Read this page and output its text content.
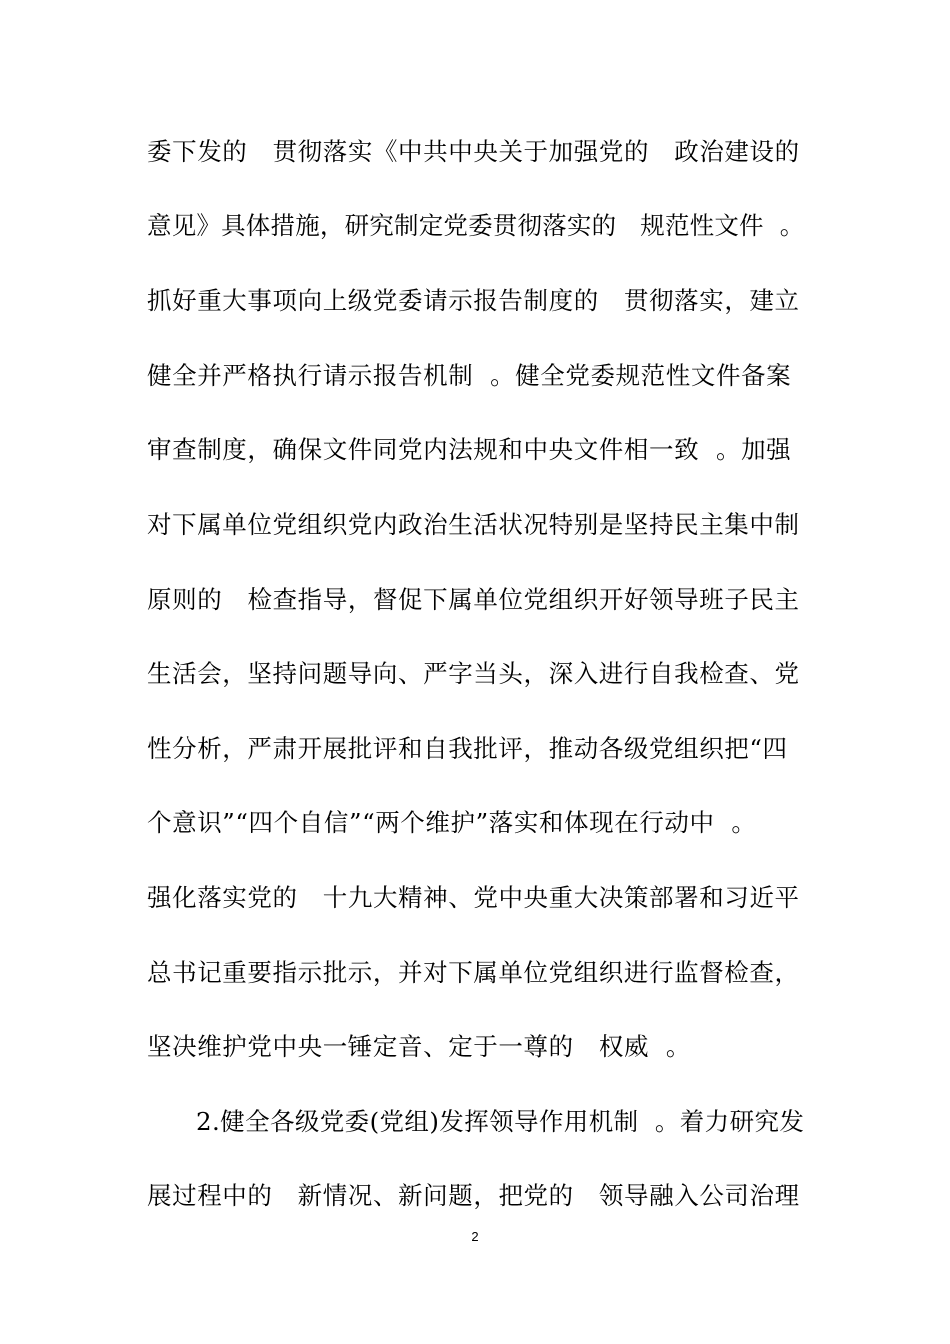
委下发的   贯彻落实《中共中央关于加强党的   政治建设的
意见》具体措施，研究制定党委贯彻落实的   规范性文件  。
抓好重大事项向上级党委请示报告制度的   贯彻落实，建立
健全并严格执行请示报告机制  。健全党委规范性文件备案
审查制度，确保文件同党内法规和中央文件相一致  。加强
对下属单位党组织党内政治生活状况特别是坚持民主集中制
原则的   检查指导，督促下属单位党组织开好领导班子民主
生活会，坚持问题导向、严字当头，深入进行自我检查、党
性分析，严肃开展批评和自我批评，推动各级党组织把“四
个意识”“四个自信”“两个维护”落实和体现在行动中  。
强化落实党的   十九大精神、党中央重大决策部署和习近平
总书记重要指示批示，并对下属单位党组织进行监督检查，
坚决维护党中央一锤定音、定于一尊的   权威  。
2.健全各级党委(党组)发挥领导作用机制  。着力研究发
展过程中的   新情况、新问题，把党的   领导融入公司治理
2
